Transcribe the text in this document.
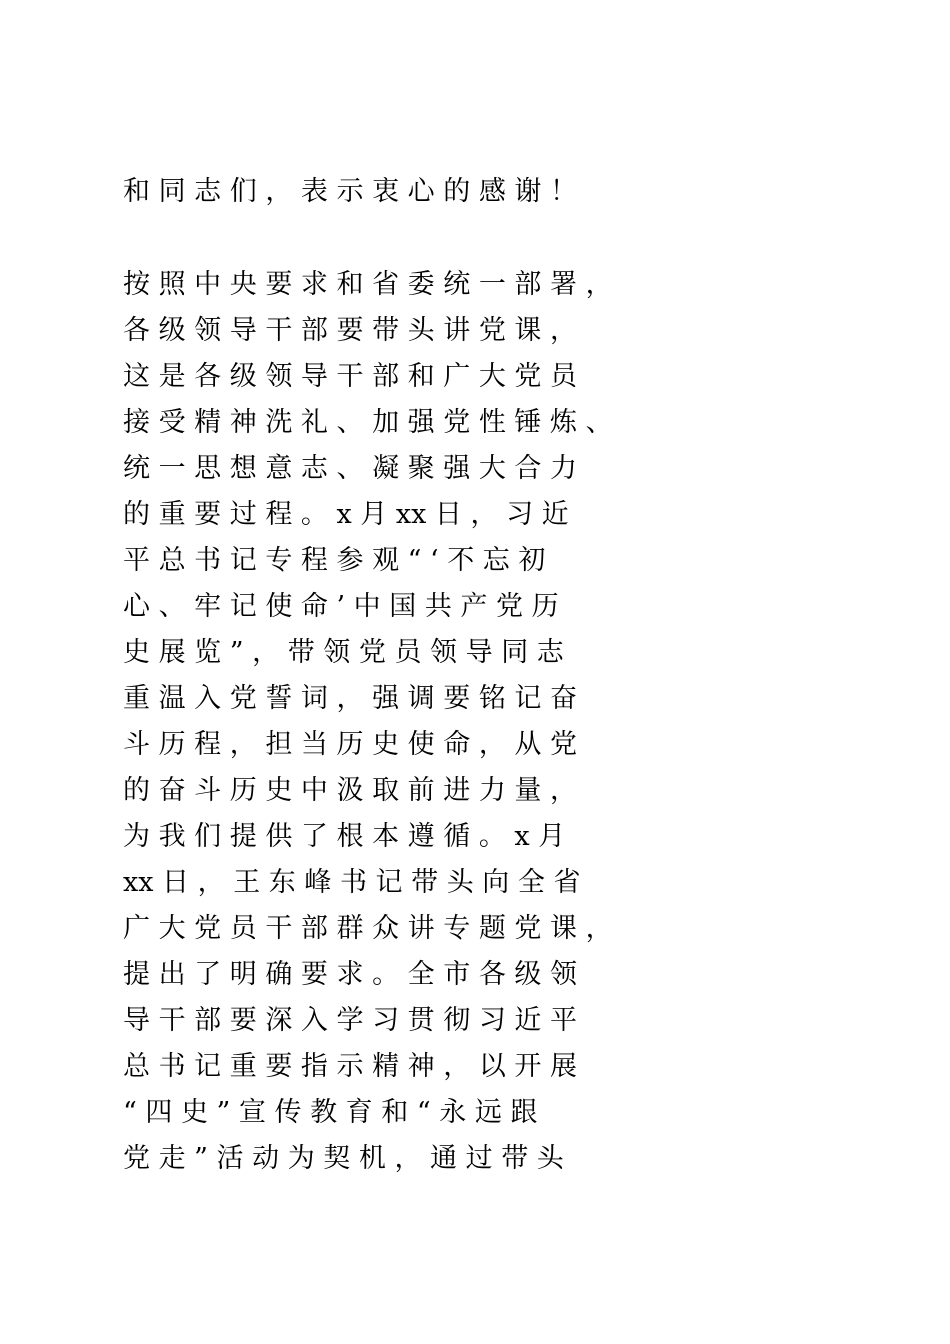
和 同 志 们 ， 表 示 衷 心 的 感 谢 ！
按 照 中 央 要 求 和 省 委 统 一 部 署 ，
各 级 领 导 干 部 要 带 头 讲 党 课 ，
这 是 各 级 领 导 干 部 和 广 大 党 员
接 受 精 神 洗 礼 、 加 强 党 性 锤 炼 、
统 一 思 想 意 志 、 凝 聚 强 大 合 力
的 重 要 过 程 。 x 月 xx 日 ， 习 近
平 总 书 记 专 程 参 观 “ ‘ 不 忘 初
心 、 牢 记 使 命 ’ 中 国 共 产 党 历
史 展 览 ” ， 带 领 党 员 领 导 同 志
重 温 入 党 誓 词 ， 强 调 要 铭 记 奋
斗 历 程 ， 担 当 历 史 使 命 ， 从 党
的 奋 斗 历 史 中 汲 取 前 进 力 量 ，
为 我 们 提 供 了 根 本 遵 循 。 x 月
xx 日 ， 王 东 峰 书 记 带 头 向 全 省
广 大 党 员 干 部 群 众 讲 专 题 党 课 ，
提 出 了 明 确 要 求 。 全 市 各 级 领
导 干 部 要 深 入 学 习 贯 彻 习 近 平
总 书 记 重 要 指 示 精 神 ， 以 开 展
“ 四 史 ” 宣 传 教 育 和 “ 永 远 跟
党 走 ” 活 动 为 契 机 ， 通 过 带 头
